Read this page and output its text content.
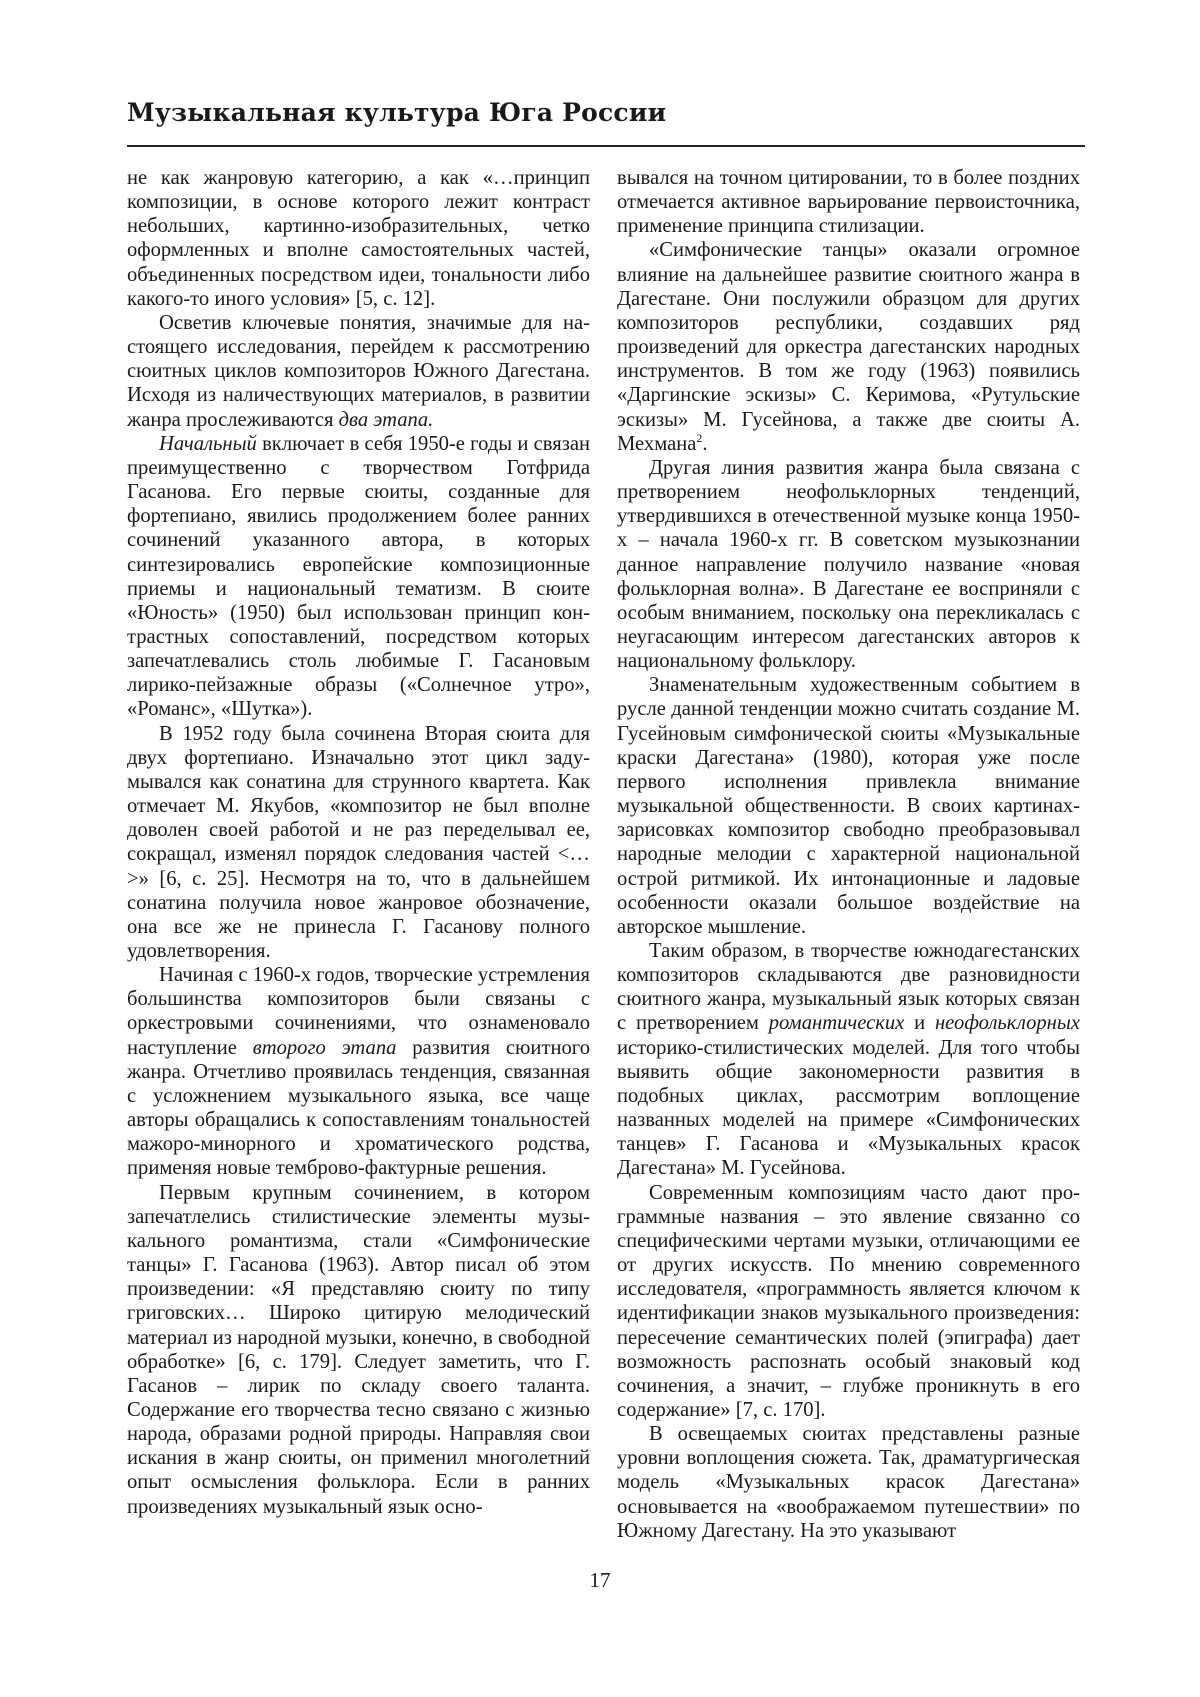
Музыкальная культура Юга России

не как жанровую категорию, а как «…принцип композиции, в основе которого лежит контраст небольших, картинно-изобразительных, четко оформленных и вполне самостоятельных частей, объединенных посредством идеи, тональности либо какого-то иного условия» [5, с. 12].

Осветив ключевые понятия, значимые для настоящего исследования, перейдем к рассмотрению сюитных циклов композиторов Южного Дагестана. Исходя из наличествующих материалов, в развитии жанра прослеживаются два этапа.

Начальный включает в себя 1950-е годы и связан преимущественно с творчеством Готфрида Гасанова. Его первые сюиты, созданные для фортепиано, явились продолжением более ранних сочинений указанного автора, в которых синтезировались европейские композиционные приемы и национальный тематизм. В сюите «Юность» (1950) был использован принцип контрастных сопоставлений, посредством которых запечатлевались столь любимые Г. Гасановым лирико-пейзажные образы («Солнечное утро», «Романс», «Шутка»).

В 1952 году была сочинена Вторая сюита для двух фортепиано. Изначально этот цикл задумывался как сонатина для струнного квартета. Как отмечает М. Якубов, «композитор не был вполне доволен своей работой и не раз переделывал ее, сокращал, изменял порядок следования частей <…>» [6, с. 25]. Несмотря на то, что в дальнейшем сонатина получила новое жанровое обозначение, она все же не принесла Г. Гасанову полного удовлетворения.

Начиная с 1960-х годов, творческие устремления большинства композиторов были связаны с оркестровыми сочинениями, что ознаменовало наступление второго этапа развития сюитного жанра. Отчетливо проявилась тенденция, связанная с усложнением музыкального языка, все чаще авторы обращались к сопоставлениям тональностей мажоро-минорного и хроматического родства, применяя новые темброво-фактурные решения.

Первым крупным сочинением, в котором запечатлелись стилистические элементы музыкального романтизма, стали «Симфонические танцы» Г. Гасанова (1963). Автор писал об этом произведении: «Я представляю сюиту по типу григовских… Широко цитирую мелодический материал из народной музыки, конечно, в свободной обработке» [6, с. 179]. Следует заметить, что Г. Гасанов – лирик по складу своего таланта. Содержание его творчества тесно связано с жизнью народа, образами родной природы. Направляя свои искания в жанр сюиты, он применил многолетний опыт осмысления фольклора. Если в ранних произведениях музыкальный язык осно-

вывался на точном цитировании, то в более поздних отмечается активное варьирование первоисточника, применение принципа стилизации.

«Симфонические танцы» оказали огромное влияние на дальнейшее развитие сюитного жанра в Дагестане. Они послужили образцом для других композиторов республики, создавших ряд произведений для оркестра дагестанских народных инструментов. В том же году (1963) появились «Даргинские эскизы» С. Керимова, «Рутульские эскизы» М. Гусейнова, а также две сюиты А. Мехмана$^2$.

Другая линия развития жанра была связана с претворением неофольклорных тенденций, утвердившихся в отечественной музыке конца 1950-х – начала 1960-х гг. В советском музыкознании данное направление получило название «новая фольклорная волна». В Дагестане ее восприняли с особым вниманием, поскольку она перекликалась с неугасающим интересом дагестанских авторов к национальному фольклору.

Знаменательным художественным событием в русле данной тенденции можно считать создание М. Гусейновым симфонической сюиты «Музыкальные краски Дагестана» (1980), которая уже после первого исполнения привлекла внимание музыкальной общественности. В своих картинах-зарисовках композитор свободно преобразовывал народные мелодии с характерной национальной острой ритмикой. Их интонационные и ладовые особенности оказали большое воздействие на авторское мышление.

Таким образом, в творчестве южнодагестанских композиторов складываются две разновидности сюитного жанра, музыкальный язык которых связан с претворением романтических и неофольклорных историко-стилистических моделей. Для того чтобы выявить общие закономерности развития в подобных циклах, рассмотрим воплощение названных моделей на примере «Симфонических танцев» Г. Гасанова и «Музыкальных красок Дагестана» М. Гусейнова.

Современным композициям часто дают программные названия – это явление связанно со специфическими чертами музыки, отличающими ее от других искусств. По мнению современного исследователя, «программность является ключом к идентификации знаков музыкального произведения: пересечение семантических полей (эпиграфа) дает возможность распознать особый знаковый код сочинения, а значит, – глубже проникнуть в его содержание» [7, с. 170].

В освещаемых сюитах представлены разные уровни воплощения сюжета. Так, драматургическая модель «Музыкальных красок Дагестана» основывается на «воображаемом путешествии» по Южному Дагестану. На это указывают

17
